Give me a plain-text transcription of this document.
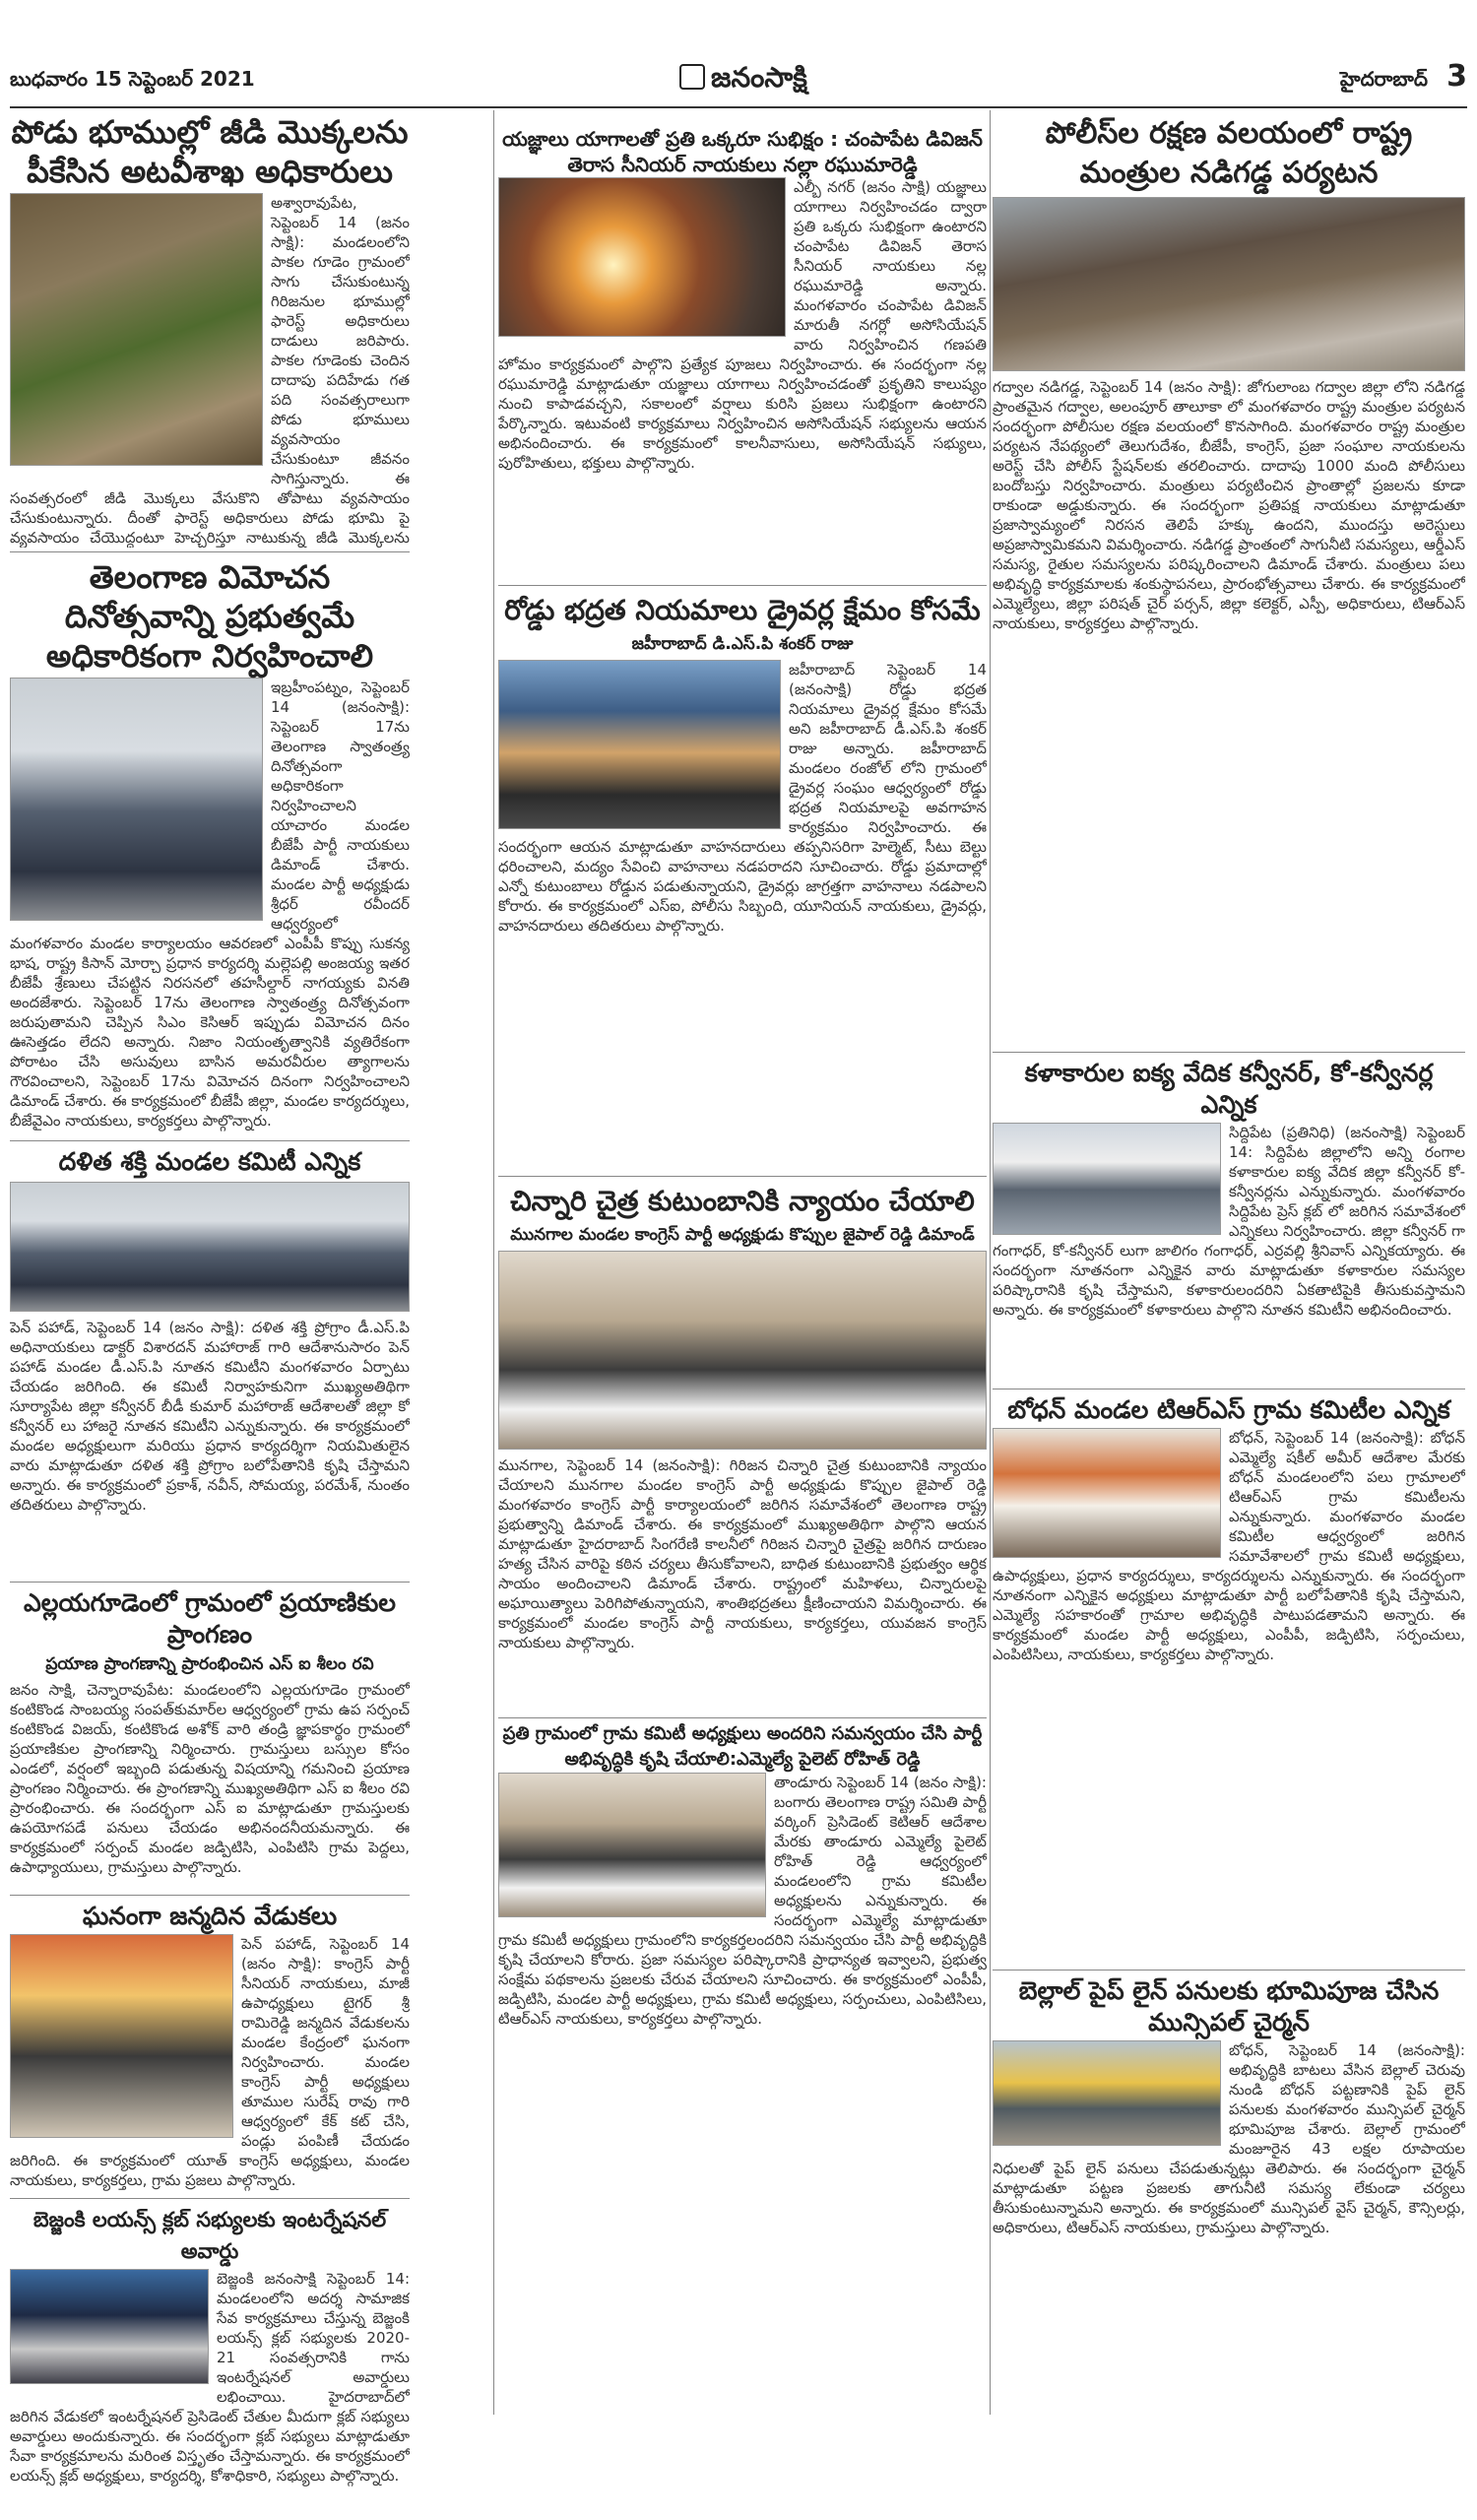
బుధవారం 15 సెప్టెంబర్ 2021	జనంసాక్షి	హైదరాబాద్ 3
పోడు భూముల్లో జీడి మొక్కలను పీకేసిన అటవీశాఖ అధికారులు
అశ్వారావుపేట, సెప్టెంబర్ 14 (జనం సాక్షి): మండలంలోని పాకల గూడెం గ్రామంలో సాగు చేసుకుంటున్న గిరిజనుల భూముల్లో ఫారెస్ట్ అధికారులు దాడులు జరిపారు. పాకల గూడెంకు చెందిన దాదాపు పదిహేడు గత పది సంవత్సరాలుగా పోడు భూములు వ్యవసాయం చేసుకుంటూ జీవనం సాగిస్తున్నారు. ఈ సంవత్సరంలో జీడి మొక్కలు వేసుకొని తోపాటు వ్యవసాయం చేసుకుంటున్నారు. దీంతో ఫారెస్ట్ అధికారులు పోడు భూమి పై వ్యవసాయం చేయొద్దంటూ హెచ్చరిస్తూ నాటుకున్న జీడి మొక్కలను
తెలంగాణ విమోచన దినోత్సవాన్ని ప్రభుత్వమే అధికారికంగా నిర్వహించాలి
ఇబ్రహీంపట్నం, సెప్టెంబర్ 14 (జనంసాక్షి): సెప్టెంబర్ 17ను తెలంగాణ స్వాతంత్ర్య దినోత్సవంగా అధికారికంగా నిర్వహించాలని యాచారం మండల బీజేపీ పార్టీ నాయకులు డిమాండ్ చేశారు. మండల పార్టీ అధ్యక్షుడు శ్రీధర్ రవీందర్ ఆధ్వర్యంలో మంగళవారం మండల కార్యాలయం ఆవరణలో ఎంపీపీ కొప్పు సుకన్య భాష, రాష్ట్ర కిసాన్ మోర్చా ప్రధాన కార్యదర్శి మల్లెపల్లి అంజయ్య ఇతర బీజేపీ శ్రేణులు చేపట్టిన నిరసనలో తహసీల్దార్ నాగయ్యకు వినతి అందజేశారు. సెప్టెంబర్ 17ను తెలంగాణ స్వాతంత్ర్య దినోత్సవంగా జరుపుతామని చెప్పిన సిఎం కెసిఆర్ ఇప్పుడు విమోచన దినం ఊసెత్తడం లేదని అన్నారు. నిజాం నియంతృత్వానికి వ్యతిరేకంగా పోరాటం చేసి అసువులు బాసిన అమరవీరుల త్యాగాలను గౌరవించాలని, సెప్టెంబర్ 17ను విమోచన దినంగా నిర్వహించాలని డిమాండ్ చేశారు. ఈ కార్యక్రమంలో బీజేపీ జిల్లా, మండల కార్యదర్శులు, బీజేవైఎం నాయకులు, కార్యకర్తలు పాల్గొన్నారు.
దళిత శక్తి మండల కమిటీ ఎన్నిక
పెన్ పహాడ్, సెప్టెంబర్ 14 (జనం సాక్షి): దళిత శక్తి ప్రోగ్రాం డీ.ఎస్.పి అధినాయకులు డాక్టర్ విశారదన్ మహారాజ్ గారి ఆదేశానుసారం పెన్ పహాడ్ మండల డీ.ఎస్.పి నూతన కమిటీని మంగళవారం ఏర్పాటు చేయడం జరిగింది. ఈ కమిటీ నిర్వాహకునిగా ముఖ్యఅతిథిగా సూర్యాపేట జిల్లా కన్వీనర్ బీడీ కుమార్ మహారాజ్ ఆదేశాలతో జిల్లా కో కన్వీనర్ లు హాజరై నూతన కమిటీని ఎన్నుకున్నారు. ఈ కార్యక్రమంలో మండల అధ్యక్షులుగా మరియు ప్రధాన కార్యదర్శిగా నియమితులైన వారు మాట్లాడుతూ దళిత శక్తి ప్రోగ్రాం బలోపేతానికి కృషి చేస్తామని అన్నారు. ఈ కార్యక్రమంలో ప్రకాశ్, నవీన్, సోమయ్య, పరమేశ్, నుంతం తదితరులు పాల్గొన్నారు.
ఎల్లయగూడెంలో గ్రామంలో ప్రయాణికుల ప్రాంగణం
ప్రయాణ ప్రాంగణాన్ని ప్రారంభించిన ఎస్ ఐ శీలం రవి
జనం సాక్షి, చెన్నారావుపేట: మండలంలోని ఎల్లయగూడెం గ్రామంలో కంటికొండ సాంబయ్య సంపత్‌కుమార్‌ల ఆధ్వర్యంలో గ్రామ ఉప సర్పంచ్ కంటికొండ విజయ్, కంటికొండ అశోక్ వారి తండ్రి జ్ఞాపకార్థం గ్రామంలో ప్రయాణికుల ప్రాంగణాన్ని నిర్మించారు. గ్రామస్తులు బస్సుల కోసం ఎండలో, వర్షంలో ఇబ్బంది పడుతున్న విషయాన్ని గమనించి ప్రయాణ ప్రాంగణం నిర్మించారు. ఈ ప్రాంగణాన్ని ముఖ్యఅతిథిగా ఎస్ ఐ శీలం రవి ప్రారంభించారు. ఈ సందర్భంగా ఎస్ ఐ మాట్లాడుతూ గ్రామస్తులకు ఉపయోగపడే పనులు చేయడం అభినందనీయమన్నారు. ఈ కార్యక్రమంలో సర్పంచ్ మండల జడ్పిటిసి, ఎంపిటిసి గ్రామ పెద్దలు, ఉపాధ్యాయులు, గ్రామస్తులు పాల్గొన్నారు.
ఘనంగా జన్మదిన వేడుకలు
పెన్ పహాడ్, సెప్టెంబర్ 14 (జనం సాక్షి): కాంగ్రెస్ పార్టీ సీనియర్ నాయకులు, మాజీ ఉపాధ్యక్షులు టైగర్ శ్రీ రామిరెడ్డి జన్మదిన వేడుకలను మండల కేంద్రంలో ఘనంగా నిర్వహించారు. మండల కాంగ్రెస్ పార్టీ అధ్యక్షులు తూముల సురేష్ రావు గారి ఆధ్వర్యంలో కేక్ కట్ చేసి, పండ్లు పంపిణీ చేయడం జరిగింది. ఈ కార్యక్రమంలో యూత్ కాంగ్రెస్ అధ్యక్షులు, మండల నాయకులు, కార్యకర్తలు, గ్రామ ప్రజలు పాల్గొన్నారు.
బెజ్జంకి లయన్స్ క్లబ్ సభ్యులకు ఇంటర్నేషనల్ అవార్డు
బెజ్జంకి జనంసాక్షి సెప్టెంబర్ 14: మండలంలోని అదర్శ సామాజిక సేవ కార్యక్రమాలు చేస్తున్న బెజ్జంకి లయన్స్ క్లబ్ సభ్యులకు 2020-21 సంవత్సరానికి గాను ఇంటర్నేషనల్ అవార్డులు లభించాయి. హైదరాబాద్‌లో జరిగిన వేడుకలో ఇంటర్నేషనల్ ప్రెసిడెంట్ చేతుల మీదుగా క్లబ్ సభ్యులు అవార్డులు అందుకున్నారు. ఈ సందర్భంగా క్లబ్ సభ్యులు మాట్లాడుతూ సేవా కార్యక్రమాలను మరింత విస్తృతం చేస్తామన్నారు. ఈ కార్యక్రమంలో లయన్స్ క్లబ్ అధ్యక్షులు, కార్యదర్శి, కోశాధికారి, సభ్యులు పాల్గొన్నారు.
యజ్ఞాలు యాగాలతో ప్రతి ఒక్కరూ సుభిక్షం : చంపాపేట డివిజన్ తెరాస సీనియర్ నాయకులు నల్లా రఘుమారెడ్డి
ఎల్బీ నగర్ (జనం సాక్షి) యజ్ఞాలు యాగాలు నిర్వహించడం ద్వారా ప్రతి ఒక్కరు సుభిక్షంగా ఉంటారని చంపాపేట డివిజన్ తెరాస సీనియర్ నాయకులు నల్ల రఘుమారెడ్డి అన్నారు. మంగళవారం చంపాపేట డివిజన్ మారుతీ నగర్లో అసోసియేషన్ వారు నిర్వహించిన గణపతి హోమం కార్యక్రమంలో పాల్గొని ప్రత్యేక పూజలు నిర్వహించారు. ఈ సందర్భంగా నల్ల రఘుమారెడ్డి మాట్లాడుతూ యజ్ఞాలు యాగాలు నిర్వహించడంతో ప్రకృతిని కాలుష్యం నుంచి కాపాడవచ్చని, సకాలంలో వర్షాలు కురిసి ప్రజలు సుభిక్షంగా ఉంటారని పేర్కొన్నారు. ఇటువంటి కార్యక్రమాలు నిర్వహించిన అసోసియేషన్ సభ్యులను ఆయన అభినందించారు. ఈ కార్యక్రమంలో కాలనీవాసులు, అసోసియేషన్ సభ్యులు, పురోహితులు, భక్తులు పాల్గొన్నారు.
రోడ్డు భద్రత నియమాలు డ్రైవర్ల క్షేమం కోసమే
జహీరాబాద్ డి.ఎస్.పి శంకర్ రాజు
జహీరాబాద్ సెప్టెంబర్ 14 (జనంసాక్షి) రోడ్డు భద్రత నియమాలు డ్రైవర్ల క్షేమం కోసమే అని జహీరాబాద్ డీ.ఎస్.పి శంకర్ రాజు అన్నారు. జహీరాబాద్ మండలం రంజోల్‌ లోని గ్రామంలో డ్రైవర్ల సంఘం ఆధ్వర్యంలో రోడ్డు భద్రత నియమాలపై అవగాహన కార్యక్రమం నిర్వహించారు. ఈ సందర్భంగా ఆయన మాట్లాడుతూ వాహనదారులు తప్పనిసరిగా హెల్మెట్, సీటు బెల్టు ధరించాలని, మద్యం సేవించి వాహనాలు నడపరాదని సూచించారు. రోడ్డు ప్రమాదాల్లో ఎన్నో కుటుంబాలు రోడ్డున పడుతున్నాయని, డ్రైవర్లు జాగ్రత్తగా వాహనాలు నడపాలని కోరారు. ఈ కార్యక్రమంలో ఎస్ఐ, పోలీసు సిబ్బంది, యూనియన్ నాయకులు, డ్రైవర్లు, వాహనదారులు తదితరులు పాల్గొన్నారు.
చిన్నారి చైత్ర కుటుంబానికి న్యాయం చేయాలి
మునగాల మండల కాంగ్రెస్ పార్టీ అధ్యక్షుడు కొప్పుల జైపాల్ రెడ్డి డిమాండ్
మునగాల, సెప్టెంబర్ 14 (జనంసాక్షి): గిరిజన చిన్నారి చైత్ర కుటుంబానికి న్యాయం చేయాలని మునగాల మండల కాంగ్రెస్ పార్టీ అధ్యక్షుడు కొప్పుల జైపాల్ రెడ్డి మంగళవారం కాంగ్రెస్ పార్టీ కార్యాలయంలో జరిగిన సమావేశంలో తెలంగాణ రాష్ట్ర ప్రభుత్వాన్ని డిమాండ్ చేశారు. ఈ కార్యక్రమంలో ముఖ్యఅతిథిగా పాల్గొని ఆయన మాట్లాడుతూ హైదరాబాద్ సింగరేణి కాలనీలో గిరిజన చిన్నారి చైత్రపై జరిగిన దారుణం హత్య చేసిన వారిపై కఠిన చర్యలు తీసుకోవాలని, బాధిత కుటుంబానికి ప్రభుత్వం ఆర్థిక సాయం అందించాలని డిమాండ్ చేశారు. రాష్ట్రంలో మహిళలు, చిన్నారులపై అఘాయిత్యాలు పెరిగిపోతున్నాయని, శాంతిభద్రతలు క్షీణించాయని విమర్శించారు. ఈ కార్యక్రమంలో మండల కాంగ్రెస్ పార్టీ నాయకులు, కార్యకర్తలు, యువజన కాంగ్రెస్ నాయకులు పాల్గొన్నారు.
ప్రతి గ్రామంలో గ్రామ కమిటీ అధ్యక్షులు అందరిని సమన్వయం చేసి పార్టీ అభివృద్ధికి కృషి చేయాలి:ఎమ్మెల్యే పైలెట్ రోహిత్ రెడ్డి
తాండూరు సెప్టెంబర్ 14 (జనం సాక్షి): బంగారు తెలంగాణ రాష్ట్ర సమితి పార్టీ వర్కింగ్ ప్రెసిడెంట్ కెటిఆర్ ఆదేశాల మేరకు తాండూరు ఎమ్మెల్యే పైలెట్ రోహిత్ రెడ్డి ఆధ్వర్యంలో మండలంలోని గ్రామ కమిటీల అధ్యక్షులను ఎన్నుకున్నారు. ఈ సందర్భంగా ఎమ్మెల్యే మాట్లాడుతూ గ్రామ కమిటీ అధ్యక్షులు గ్రామంలోని కార్యకర్తలందరిని సమన్వయం చేసి పార్టీ అభివృద్ధికి కృషి చేయాలని కోరారు. ప్రజా సమస్యల పరిష్కారానికి ప్రాధాన్యత ఇవ్వాలని, ప్రభుత్వ సంక్షేమ పథకాలను ప్రజలకు చేరువ చేయాలని సూచించారు. ఈ కార్యక్రమంలో ఎంపీపీ, జడ్పిటిసి, మండల పార్టీ అధ్యక్షులు, గ్రామ కమిటీ అధ్యక్షులు, సర్పంచులు, ఎంపిటిసిలు, టిఆర్ఎస్ నాయకులు, కార్యకర్తలు పాల్గొన్నారు.
పోలీస్‌ల రక్షణ వలయంలో రాష్ట్ర మంత్రుల నడిగడ్డ పర్యటన
గద్వాల నడిగడ్డ, సెప్టెంబర్ 14 (జనం సాక్షి): జోగులాంబ గద్వాల జిల్లా లోని నడిగడ్డ ప్రాంతమైన గద్వాల, అలంపూర్ తాలూకా లో మంగళవారం రాష్ట్ర మంత్రుల పర్యటన సందర్భంగా పోలీసుల రక్షణ వలయంలో కొనసాగింది. మంగళవారం రాష్ట్ర మంత్రుల పర్యటన నేపథ్యంలో తెలుగుదేశం, బీజేపీ, కాంగ్రెస్, ప్రజా సంఘాల నాయకులను అరెస్ట్ చేసి పోలీస్ స్టేషన్‌లకు తరలించారు. దాదాపు 1000 మంది పోలీసులు బందోబస్తు నిర్వహించారు. మంత్రులు పర్యటించిన ప్రాంతాల్లో ప్రజలను కూడా రాకుండా అడ్డుకున్నారు. ఈ సందర్భంగా ప్రతిపక్ష నాయకులు మాట్లాడుతూ ప్రజాస్వామ్యంలో నిరసన తెలిపే హక్కు ఉందని, ముందస్తు అరెస్టులు అప్రజాస్వామికమని విమర్శించారు. నడిగడ్డ ప్రాంతంలో సాగునీటి సమస్యలు, ఆర్డీఎస్ సమస్య, రైతుల సమస్యలను పరిష్కరించాలని డిమాండ్ చేశారు. మంత్రులు పలు అభివృద్ధి కార్యక్రమాలకు శంకుస్థాపనలు, ప్రారంభోత్సవాలు చేశారు. ఈ కార్యక్రమంలో ఎమ్మెల్యేలు, జిల్లా పరిషత్ చైర్ పర్సన్, జిల్లా కలెక్టర్, ఎస్పీ, అధికారులు, టిఆర్ఎస్ నాయకులు, కార్యకర్తలు పాల్గొన్నారు.
కళాకారుల ఐక్య వేదిక కన్వీనర్, కో-కన్వీనర్ల ఎన్నిక
సిద్దిపేట (ప్రతినిధి) (జనంసాక్షి) సెప్టెంబర్ 14: సిద్దిపేట జిల్లాలోని అన్ని రంగాల కళాకారుల ఐక్య వేదిక జిల్లా కన్వీనర్ కో-కన్వీనర్లను ఎన్నుకున్నారు. మంగళవారం సిద్దిపేట ప్రెస్ క్లబ్ లో జరిగిన సమావేశంలో ఎన్నికలు నిర్వహించారు. జిల్లా కన్వీనర్ గా గంగాధర్, కో-కన్వీనర్ లుగా జాలిగం గంగాధర్, ఎర్రవల్లి శ్రీనివాస్ ఎన్నికయ్యారు. ఈ సందర్భంగా నూతనంగా ఎన్నికైన వారు మాట్లాడుతూ కళాకారుల సమస్యల పరిష్కారానికి కృషి చేస్తామని, కళాకారులందరిని ఏకతాటిపైకి తీసుకువస్తామని అన్నారు. ఈ కార్యక్రమంలో కళాకారులు పాల్గొని నూతన కమిటీని అభినందించారు.
బోధన్ మండల టిఆర్ఎస్ గ్రామ కమిటీల ఎన్నిక
బోధన్, సెప్టెంబర్ 14 (జనంసాక్షి): బోధన్ ఎమ్మెల్యే షకీల్ అమీర్ ఆదేశాల మేరకు బోధన్ మండలంలోని పలు గ్రామాలలో టిఆర్ఎస్ గ్రామ కమిటీలను ఎన్నుకున్నారు. మంగళవారం మండల కమిటీల ఆధ్వర్యంలో జరిగిన సమావేశాలలో గ్రామ కమిటీ అధ్యక్షులు, ఉపాధ్యక్షులు, ప్రధాన కార్యదర్శులు, కార్యదర్శులను ఎన్నుకున్నారు. ఈ సందర్భంగా నూతనంగా ఎన్నికైన అధ్యక్షులు మాట్లాడుతూ పార్టీ బలోపేతానికి కృషి చేస్తామని, ఎమ్మెల్యే సహకారంతో గ్రామాల అభివృద్ధికి పాటుపడతామని అన్నారు. ఈ కార్యక్రమంలో మండల పార్టీ అధ్యక్షులు, ఎంపీపీ, జడ్పిటిసి, సర్పంచులు, ఎంపిటిసిలు, నాయకులు, కార్యకర్తలు పాల్గొన్నారు.
బెల్లాల్ పైప్ లైన్ పనులకు భూమిపూజ చేసిన మున్సిపల్ చైర్మన్
బోధన్, సెప్టెంబర్ 14 (జనంసాక్షి): అభివృద్ధికి బాటలు వేసిన బెల్లాల్ చెరువు నుండి బోధన్ పట్టణానికి పైప్ లైన్ పనులకు మంగళవారం మున్సిపల్ చైర్మన్ భూమిపూజ చేశారు. బెల్లాల్ గ్రామంలో మంజూరైన 43 లక్షల రూపాయల నిధులతో పైప్ లైన్ పనులు చేపడుతున్నట్లు తెలిపారు. ఈ సందర్భంగా చైర్మన్ మాట్లాడుతూ పట్టణ ప్రజలకు తాగునీటి సమస్య లేకుండా చర్యలు తీసుకుంటున్నామని అన్నారు. ఈ కార్యక్రమంలో మున్సిపల్ వైస్ చైర్మన్, కౌన్సిలర్లు, అధికారులు, టిఆర్ఎస్ నాయకులు, గ్రామస్తులు పాల్గొన్నారు.
